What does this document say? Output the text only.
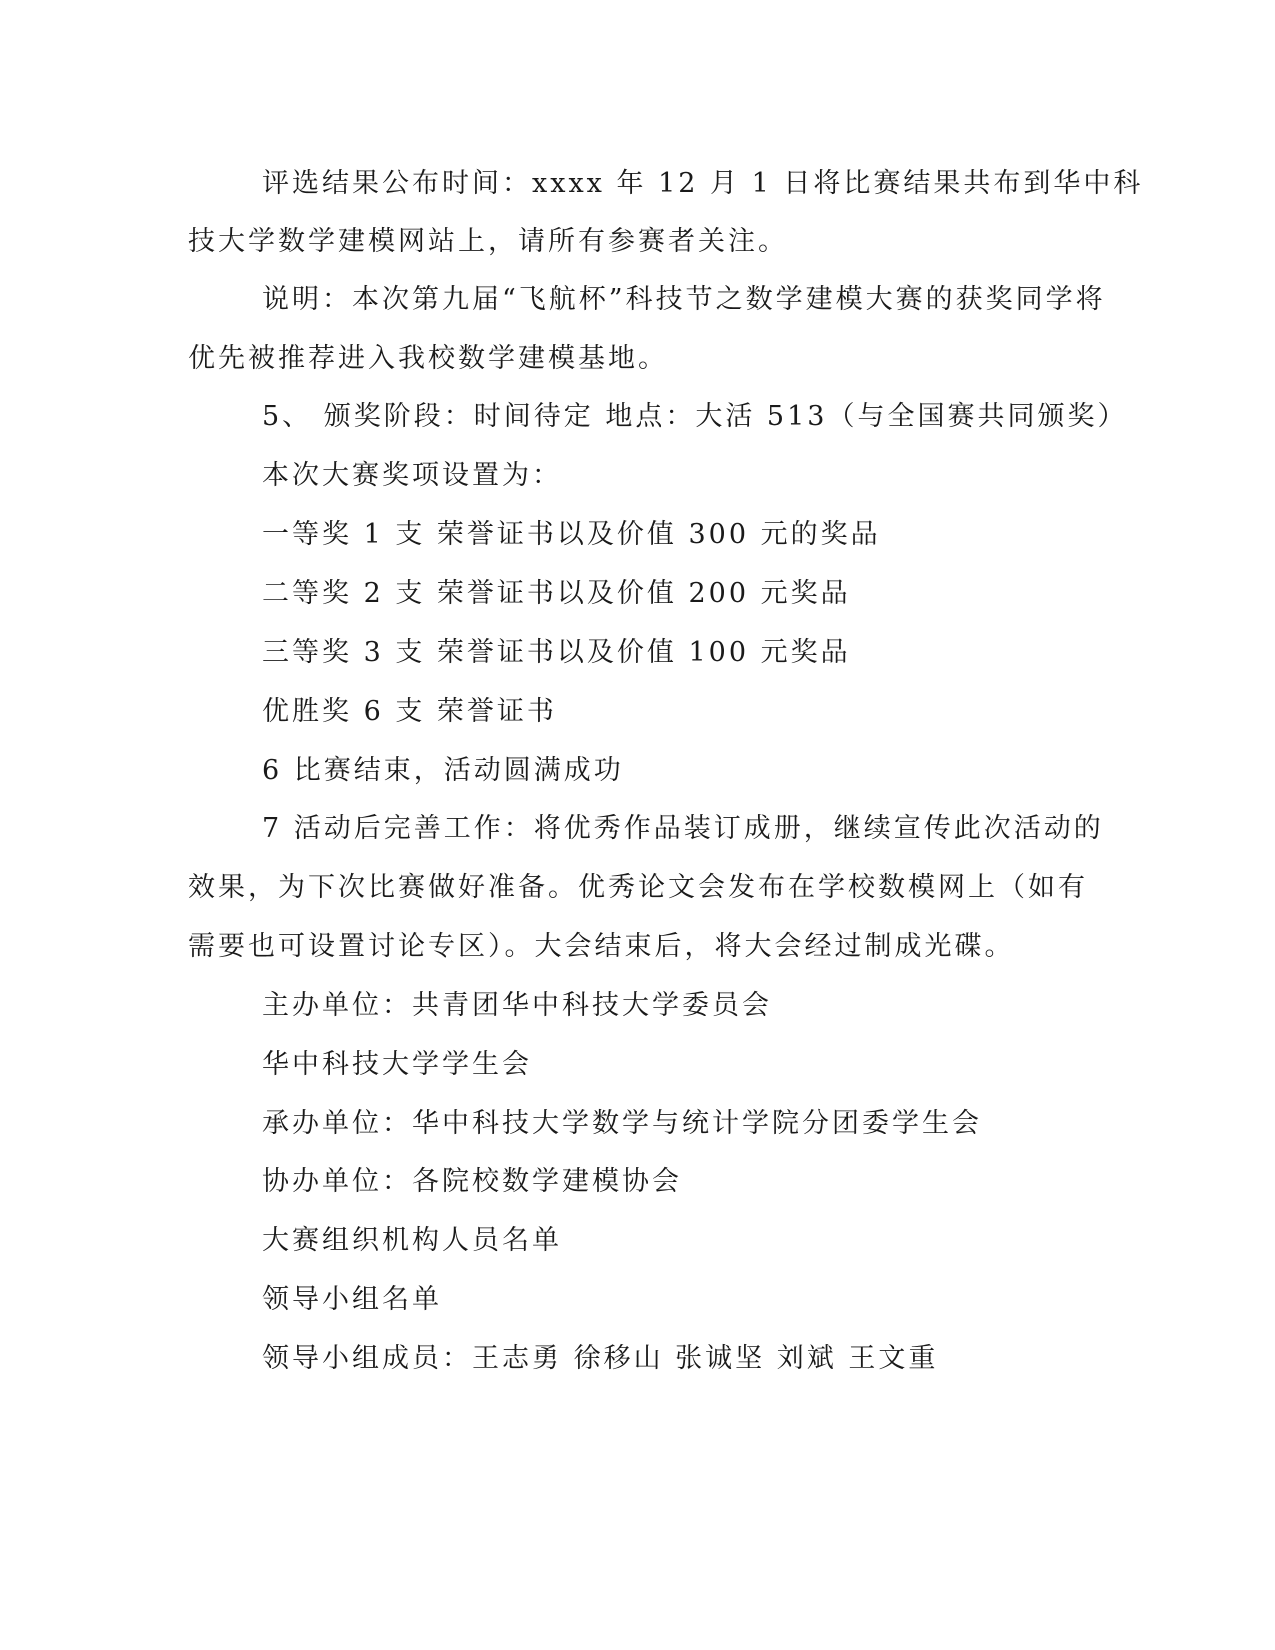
评选结果公布时间：xxxx 年 12 月 1 日将比赛结果共布到华中科
技大学数学建模网站上，请所有参赛者关注。
说明：本次第九届“飞航杯”科技节之数学建模大赛的获奖同学将
优先被推荐进入我校数学建模基地。
5、 颁奖阶段：时间待定 地点：大活 513（与全国赛共同颁奖）
本次大赛奖项设置为：
一等奖 1 支 荣誉证书以及价值 300 元的奖品
二等奖 2 支 荣誉证书以及价值 200 元奖品
三等奖 3 支 荣誉证书以及价值 100 元奖品
优胜奖 6 支 荣誉证书
6 比赛结束，活动圆满成功
7 活动后完善工作：将优秀作品装订成册，继续宣传此次活动的
效果，为下次比赛做好准备。优秀论文会发布在学校数模网上（如有
需要也可设置讨论专区）。大会结束后，将大会经过制成光碟。
主办单位：共青团华中科技大学委员会
华中科技大学学生会
承办单位：华中科技大学数学与统计学院分团委学生会
协办单位：各院校数学建模协会
大赛组织机构人员名单
领导小组名单
领导小组成员：王志勇 徐移山 张诚坚 刘斌 王文重
